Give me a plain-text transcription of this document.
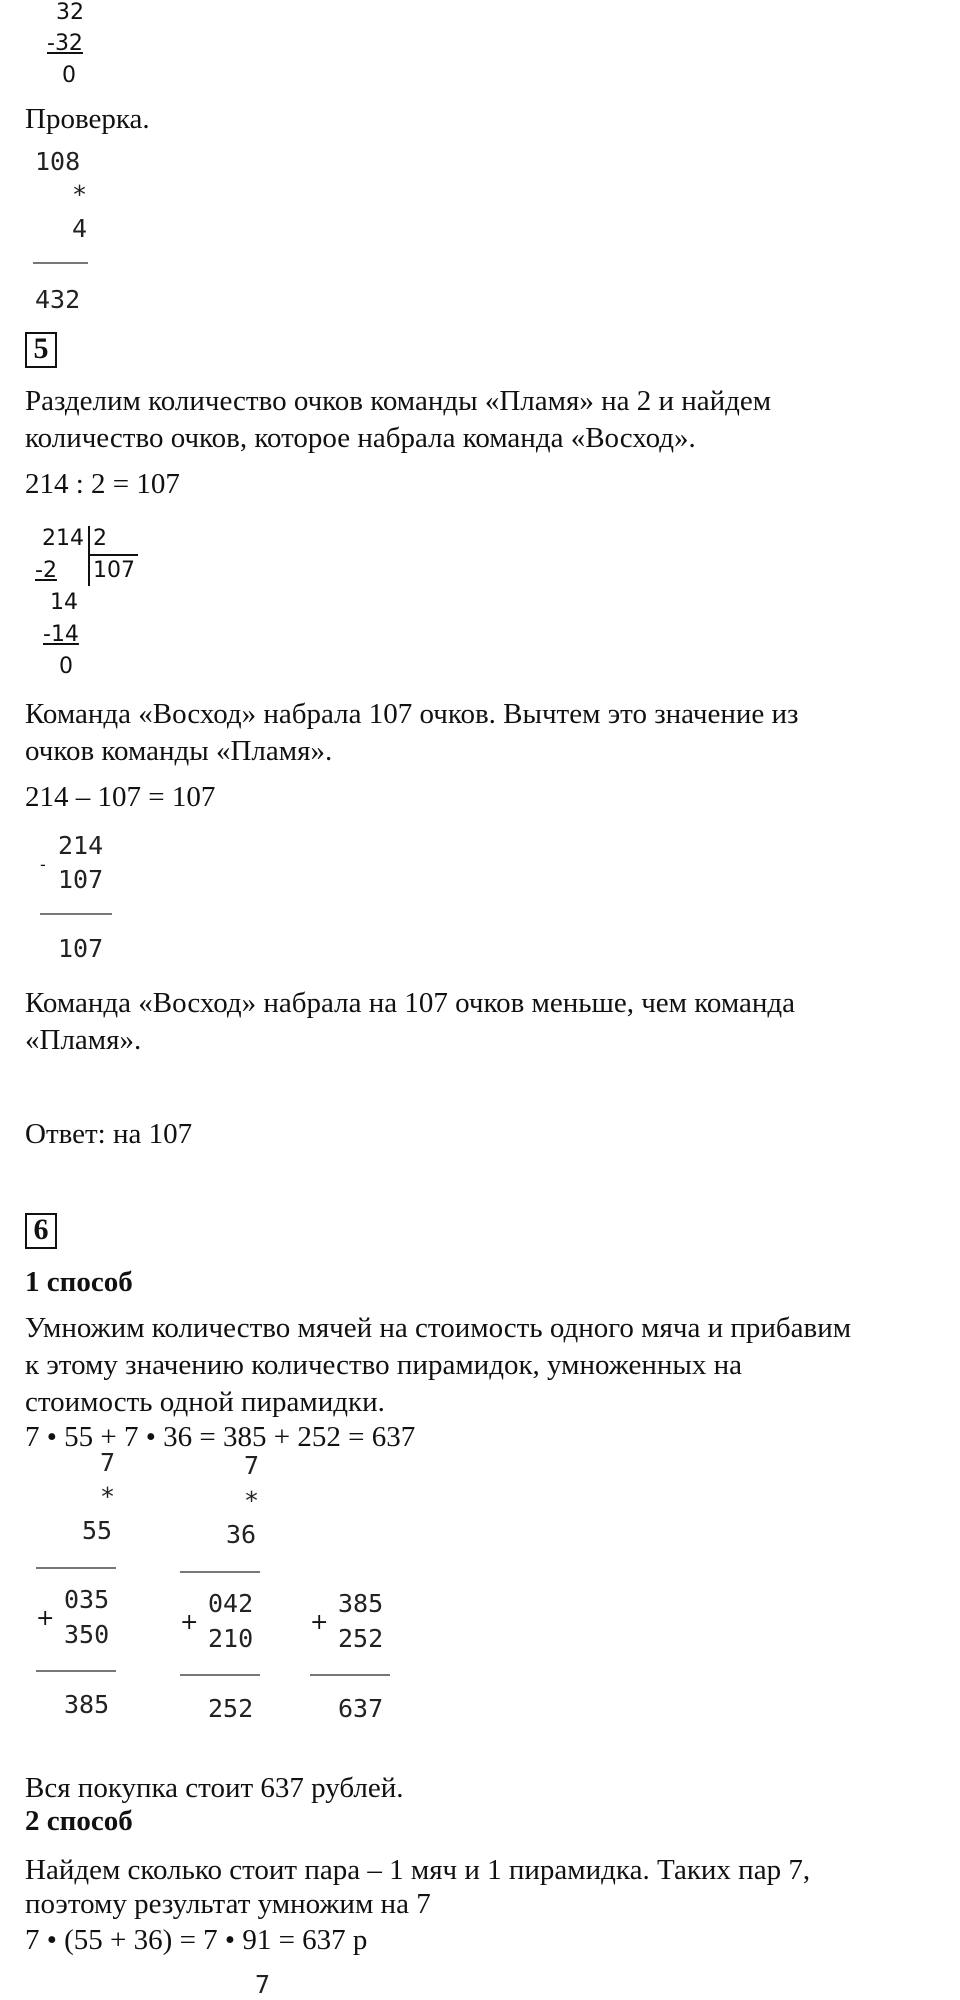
32
-32
0
Проверка.
108
*
4
432
5
Разделим количество очков команды «Пламя» на 2 и найдем
количество очков, которое набрала команда «Восход».
214 : 2 = 107
214 2
107
-2
14
-14
0
Команда «Восход» набрала 107 очков. Вычтем это значение из
очков команды «Пламя».
214 – 107 = 107
-
214
107
107
Команда «Восход» набрала на 107 очков меньше, чем команда
«Пламя».
Ответ: на 107
6
1 способ
Умножим количество мячей на стоимость одного мяча и прибавим
к этому значению количество пирамидок, умноженных на
стоимость одной пирамидки.
7 • 55 + 7 • 36 = 385 + 252 = 637
7
*
55
+
035
350
385
7
*
36
+
042
210
252
+
385
252
637
Вся покупка стоит 637 рублей.
2 способ
Найдем сколько стоит пара – 1 мяч и 1 пирамидка. Таких пар 7,
поэтому результат умножим на 7
7 • (55 + 36) = 7 • 91 = 637 р
7
